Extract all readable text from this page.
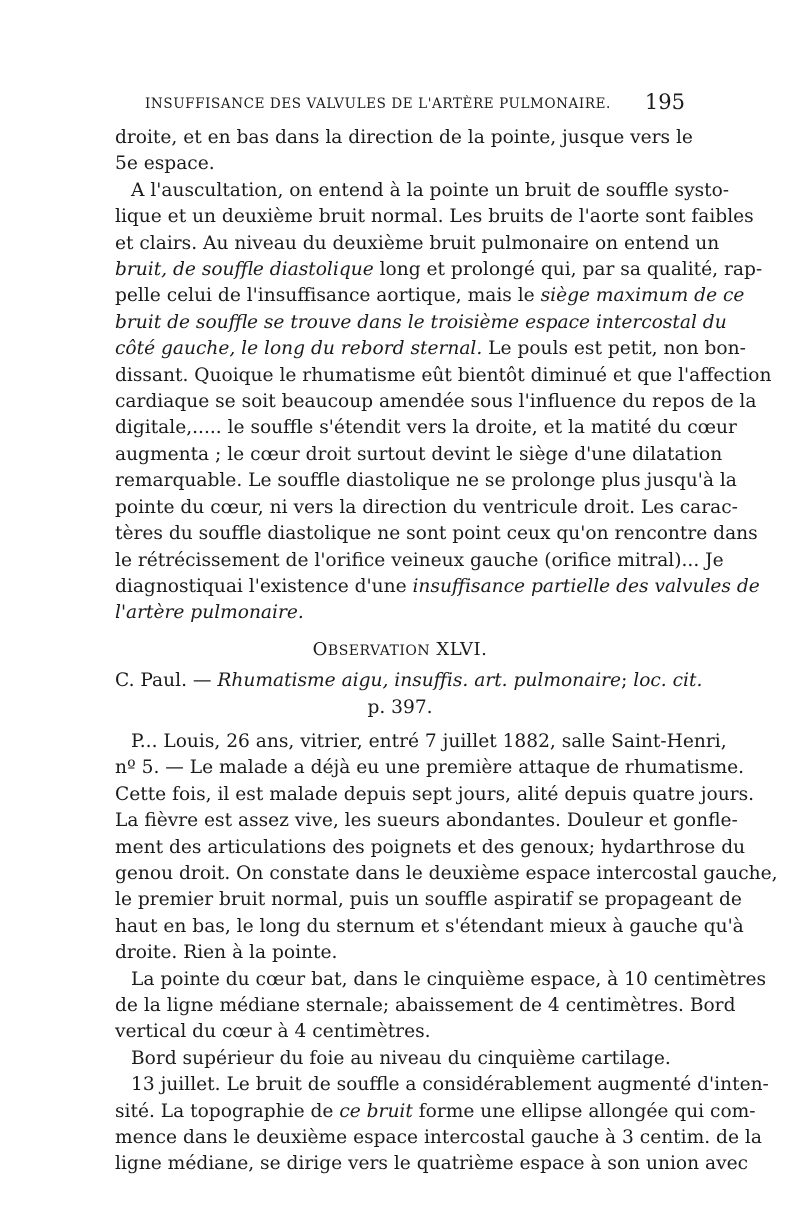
INSUFFISANCE DES VALVULES DE L'ARTÈRE PULMONAIRE. 195
droite, et en bas dans la direction de la pointe, jusque vers le
5e espace.
A l'auscultation, on entend à la pointe un bruit de souffle systo-
lique et un deuxième bruit normal. Les bruits de l'aorte sont faibles
et clairs. Au niveau du deuxième bruit pulmonaire on entend un
bruit, de souffle diastolique long et prolongé qui, par sa qualité, rap-
pelle celui de l'insuffisance aortique, mais le siège maximum de ce
bruit de souffle se trouve dans le troisième espace intercostal du
côté gauche, le long du rebord sternal. Le pouls est petit, non bon-
dissant. Quoique le rhumatisme eût bientôt diminué et que l'affection
cardiaque se soit beaucoup amendée sous l'influence du repos de la
digitale,..... le souffle s'étendit vers la droite, et la matité du cœur
augmenta ; le cœur droit surtout devint le siège d'une dilatation
remarquable. Le souffle diastolique ne se prolonge plus jusqu'à la
pointe du cœur, ni vers la direction du ventricule droit. Les carac-
tères du souffle diastolique ne sont point ceux qu'on rencontre dans
le rétrécissement de l'orifice veineux gauche (orifice mitral)... Je
diagnostiquai l'existence d'une insuffisance partielle des valvules de
l'artère pulmonaire.
OBSERVATION XLVI.
C. Paul. — Rhumatisme aigu, insuffis. art. pulmonaire; loc. cit.
p. 397.
P... Louis, 26 ans, vitrier, entré 7 juillet 1882, salle Saint-Henri,
nº 5. — Le malade a déjà eu une première attaque de rhumatisme.
Cette fois, il est malade depuis sept jours, alité depuis quatre jours.
La fièvre est assez vive, les sueurs abondantes. Douleur et gonfle-
ment des articulations des poignets et des genoux; hydarthrose du
genou droit. On constate dans le deuxième espace intercostal gauche,
le premier bruit normal, puis un souffle aspiratif se propageant de
haut en bas, le long du sternum et s'étendant mieux à gauche qu'à
droite. Rien à la pointe.
La pointe du cœur bat, dans le cinquième espace, à 10 centimètres
de la ligne médiane sternale; abaissement de 4 centimètres. Bord
vertical du cœur à 4 centimètres.
Bord supérieur du foie au niveau du cinquième cartilage.
13 juillet. Le bruit de souffle a considérablement augmenté d'inten-
sité. La topographie de ce bruit forme une ellipse allongée qui com-
mence dans le deuxième espace intercostal gauche à 3 centim. de la
ligne médiane, se dirige vers le quatrième espace à son union avec
